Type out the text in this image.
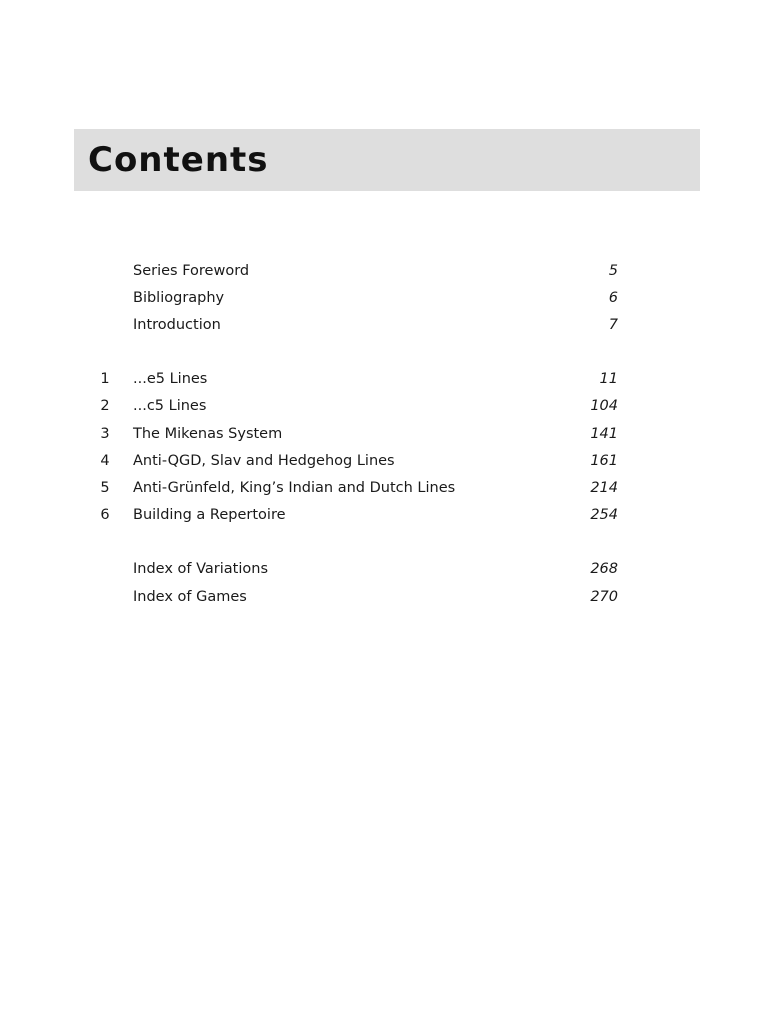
Contents
Series Foreword	5
Bibliography	6
Introduction	7
1 ...e5 Lines	11
2 ...c5 Lines	104
3 The Mikenas System	141
4 Anti-QGD, Slav and Hedgehog Lines	161
5 Anti-Grünfeld, King’s Indian and Dutch Lines	214
6 Building a Repertoire	254
Index of Variations	268
Index of Games	270
